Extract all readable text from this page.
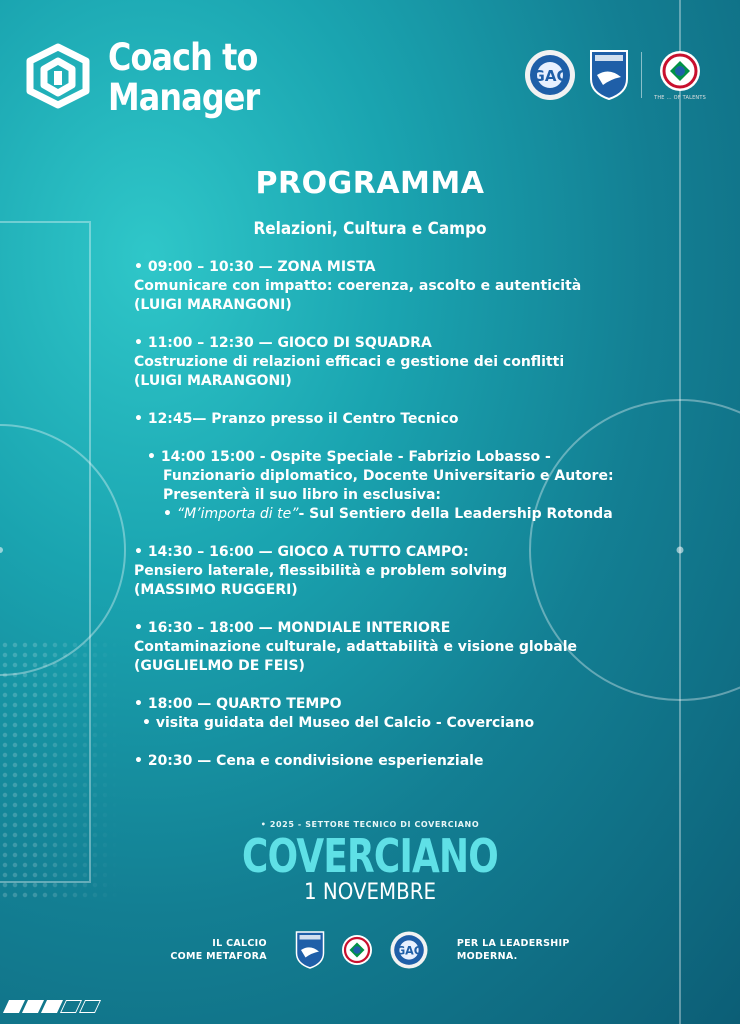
Coach to
Manager	GAC
THE ... OF TALENTS
PROGRAMMA
Relazioni, Cultura e Campo

• 09:00 – 10:30 — ZONA MISTA

Comunicare con impatto: coerenza, ascolto e autenticità

(LUIGI MARANGONI)

• 11:00 – 12:30 — GIOCO DI SQUADRA

Costruzione di relazioni efficaci e gestione dei conflitti

(LUIGI MARANGONI)

• 12:45— Pranzo presso il Centro Tecnico

• 14:00 15:00 - Ospite Speciale - Fabrizio Lobasso -

Funzionario diplomatico, Docente Universitario e Autore:

Presenterà il suo libro in esclusiva:

• “M’importa di te”- Sul Sentiero della Leadership Rotonda

• 14:30 – 16:00 — GIOCO A TUTTO CAMPO:

Pensiero laterale, flessibilità e problem solving

(MASSIMO RUGGERI)

• 16:30 – 18:00 — MONDIALE INTERIORE

Contaminazione culturale, adattabilità e visione globale

(GUGLIELMO DE FEIS)

• 18:00 — QUARTO TEMPO

• visita guidata del Museo del Calcio - Coverciano

• 20:30 — Cena e condivisione esperienziale

• 2025 - SETTORE TECNICO DI COVERCIANO
COVERCIANO
1 NOVEMBRE
IL CALCIO
COME METAFORA	GAC
PER LA LEADERSHIP
MODERNA.
